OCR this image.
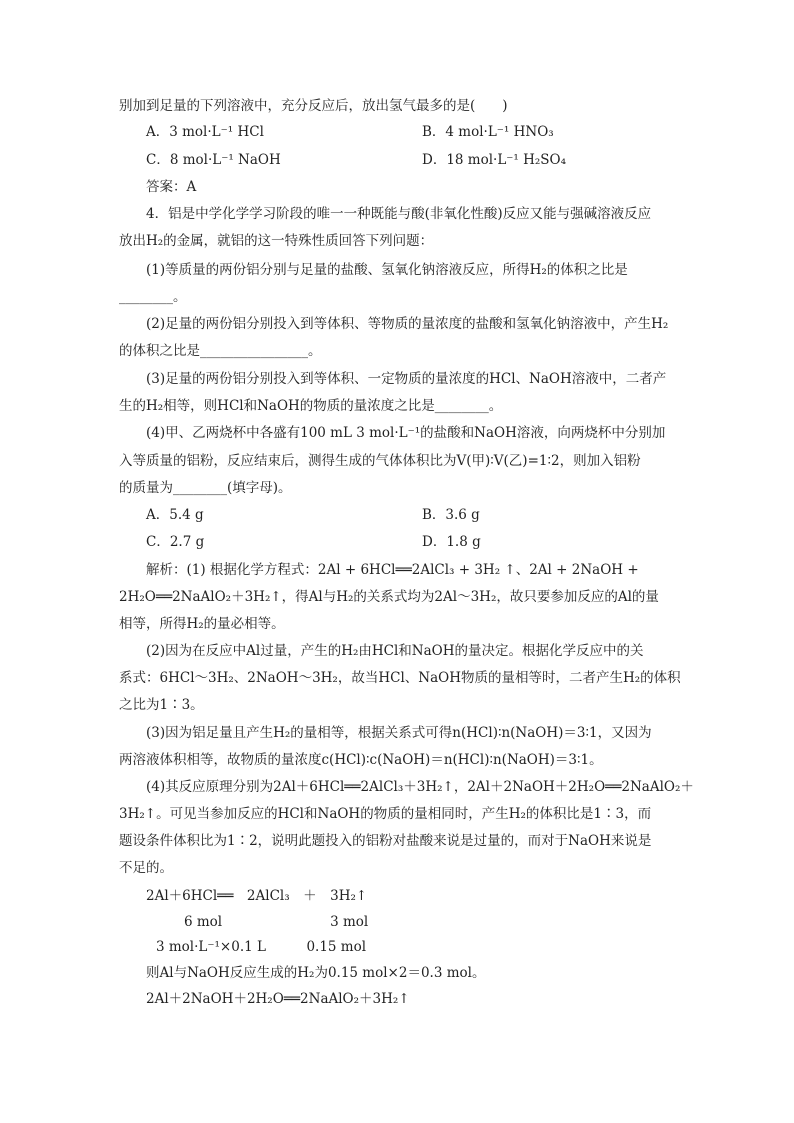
别加到足量的下列溶液中，充分反应后，放出氢气最多的是(　　)
A．3 mol·L⁻¹ HCl	B．4 mol·L⁻¹ HNO₃
C．8 mol·L⁻¹ NaOH	D．18 mol·L⁻¹ H₂SO₄
答案：A
4．铝是中学化学学习阶段的唯一一种既能与酸(非氧化性酸)反应又能与强碱溶液反应
放出H₂的金属，就铝的这一特殊性质回答下列问题：
(1)等质量的两份铝分别与足量的盐酸、氢氧化钠溶液反应，所得H₂的体积之比是
________。
(2)足量的两份铝分别投入到等体积、等物质的量浓度的盐酸和氢氧化钠溶液中，产生H₂
的体积之比是________________。
(3)足量的两份铝分别投入到等体积、一定物质的量浓度的HCl、NaOH溶液中，二者产
生的H₂相等，则HCl和NaOH的物质的量浓度之比是________。
(4)甲、乙两烧杯中各盛有100 mL 3 mol·L⁻¹的盐酸和NaOH溶液，向两烧杯中分别加
入等质量的铝粉，反应结束后，测得生成的气体体积比为V(甲)∶V(乙)=1∶2，则加入铝粉
的质量为________(填字母)。
A．5.4 g	B．3.6 g
C．2.7 g	D．1.8 g
解析：(1) 根据化学方程式：2Al + 6HCl══2AlCl₃ + 3H₂ ↑、2Al + 2NaOH +
2H₂O══2NaAlO₂＋3H₂↑，得Al与H₂的关系式均为2Al～3H₂，故只要参加反应的Al的量
相等，所得H₂的量必相等。
(2)因为在反应中Al过量，产生的H₂由HCl和NaOH的量决定。根据化学反应中的关
系式：6HCl～3H₂、2NaOH～3H₂，故当HCl、NaOH物质的量相等时，二者产生H₂的体积
之比为1∶3。
(3)因为铝足量且产生H₂的量相等，根据关系式可得n(HCl)∶n(NaOH)＝3∶1，又因为
两溶液体积相等，故物质的量浓度c(HCl)∶c(NaOH)＝n(HCl)∶n(NaOH)＝3∶1。
(4)其反应原理分别为2Al＋6HCl══2AlCl₃＋3H₂↑，2Al＋2NaOH＋2H₂O══2NaAlO₂＋
3H₂↑。可见当参加反应的HCl和NaOH的物质的量相同时，产生H₂的体积比是1∶3，而
题设条件体积比为1∶2，说明此题投入的铝粉对盐酸来说是过量的，而对于NaOH来说是
不足的。
2Al＋6HCl══　2AlCl₃　＋　3H₂↑
6 mol　　　　　　　　3 mol
3 mol·L⁻¹×0.1 L　　　0.15 mol
则Al与NaOH反应生成的H₂为0.15 mol×2＝0.3 mol。
2Al＋2NaOH＋2H₂O══2NaAlO₂＋3H₂↑
